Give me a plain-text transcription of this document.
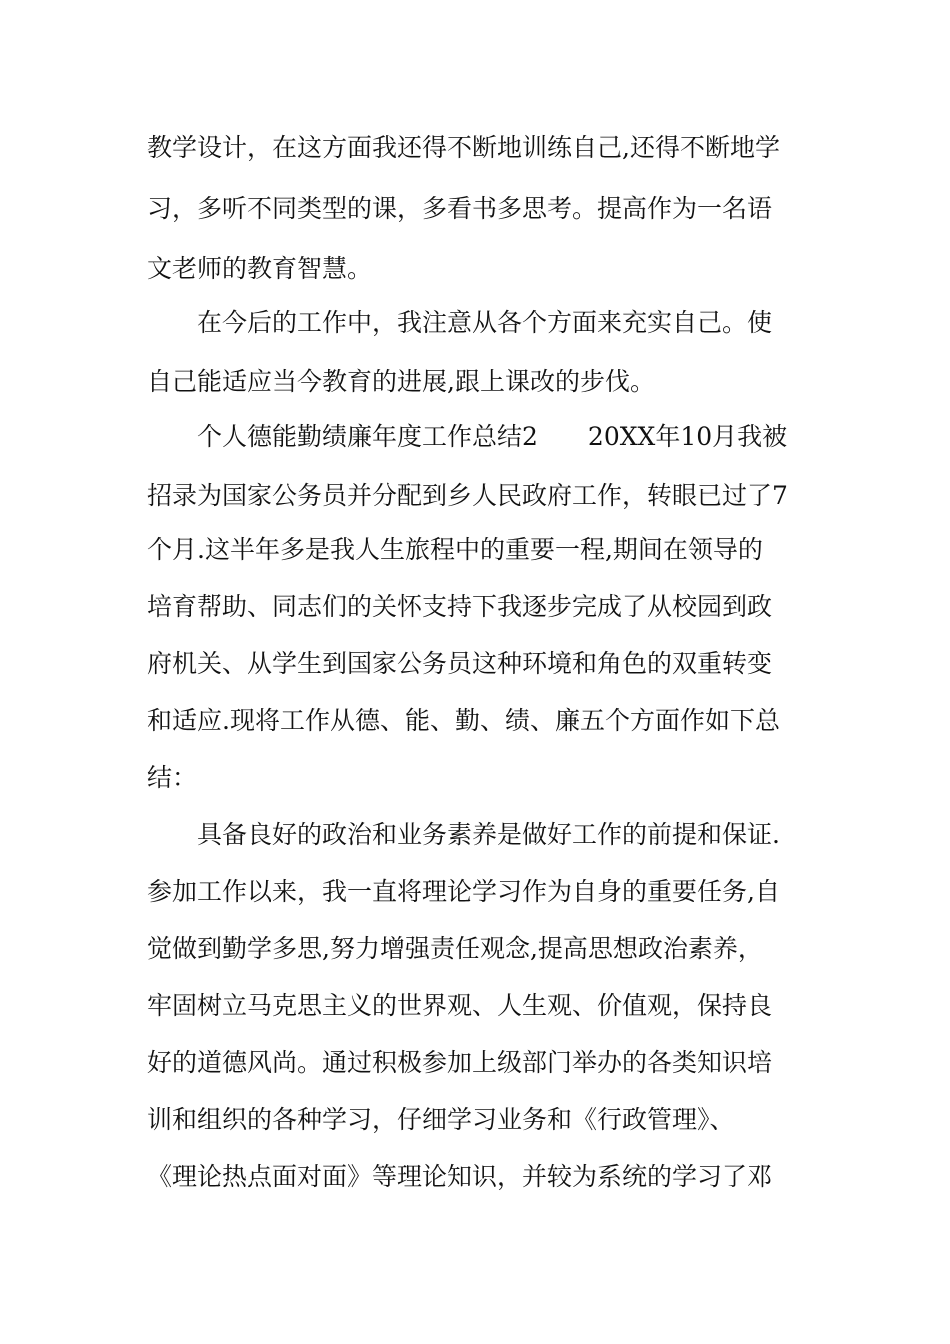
教学设计，在这方面我还得不断地训练自己,还得不断地学

习，多听不同类型的课，多看书多思考。提高作为一名语

文老师的教育智慧。

在今后的工作中，我注意从各个方面来充实自己。使

自己能适应当今教育的进展,跟上课改的步伐。

个人德能勤绩廉年度工作总结2　　20XX年10月我被

招录为国家公务员并分配到乡人民政府工作，转眼已过了7

个月.这半年多是我人生旅程中的重要一程,期间在领导的

培育帮助、同志们的关怀支持下我逐步完成了从校园到政

府机关、从学生到国家公务员这种环境和角色的双重转变

和适应.现将工作从德、能、勤、绩、廉五个方面作如下总

结：

具备良好的政治和业务素养是做好工作的前提和保证.

参加工作以来，我一直将理论学习作为自身的重要任务,自

觉做到勤学多思,努力增强责任观念,提高思想政治素养，

牢固树立马克思主义的世界观、人生观、价值观，保持良

好的道德风尚。通过积极参加上级部门举办的各类知识培

训和组织的各种学习，仔细学习业务和《行政管理》、

《理论热点面对面》等理论知识，并较为系统的学习了邓
